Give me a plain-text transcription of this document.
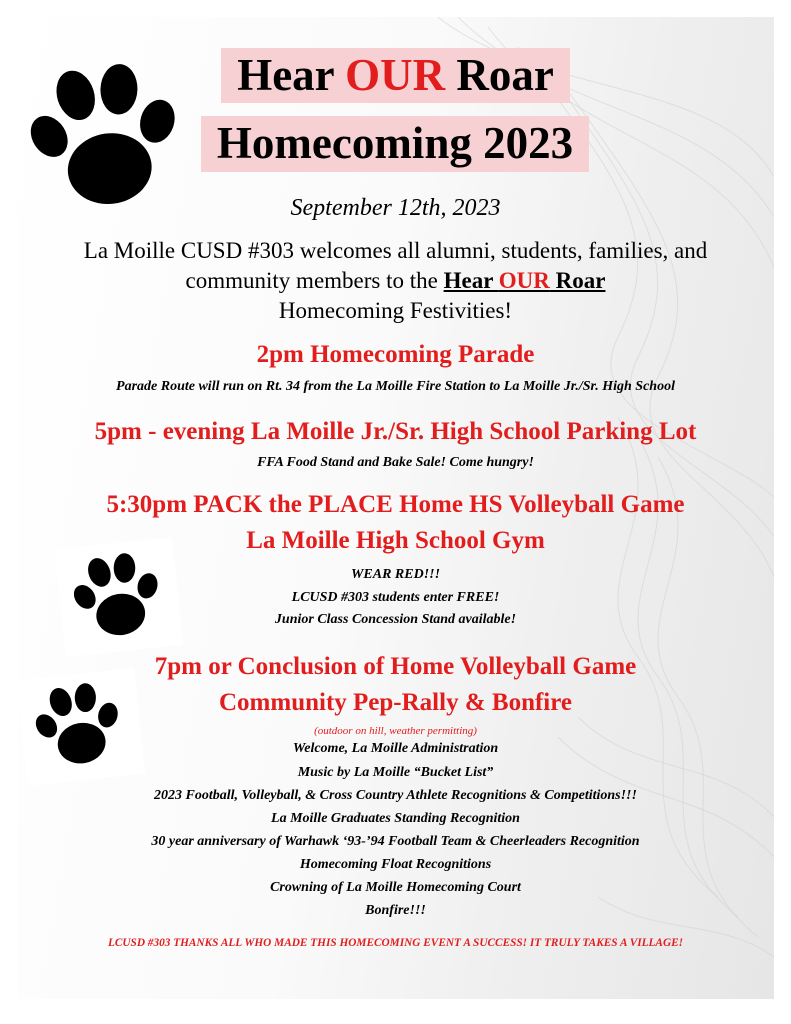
Hear OUR Roar
Homecoming 2023
September 12th, 2023
La Moille CUSD #303 welcomes all alumni, students, families, and
community members to the Hear OUR Roar
Homecoming Festivities!
2pm Homecoming Parade
Parade Route will run on Rt. 34 from the La Moille Fire Station to La Moille Jr./Sr. High School
5pm - evening La Moille Jr./Sr. High School Parking Lot
FFA Food Stand and Bake Sale! Come hungry!
5:30pm PACK the PLACE Home HS Volleyball Game
La Moille High School Gym
WEAR RED!!!
LCUSD #303 students enter FREE!
Junior Class Concession Stand available!
7pm or Conclusion of Home Volleyball Game
Community Pep-Rally & Bonfire
(outdoor on hill, weather permitting)
Welcome, La Moille Administration
Music by La Moille “Bucket List”
2023 Football, Volleyball, & Cross Country Athlete Recognitions & Competitions!!!
La Moille Graduates Standing Recognition
30 year anniversary of Warhawk ‘93-’94 Football Team & Cheerleaders Recognition
Homecoming Float Recognitions
Crowning of La Moille Homecoming Court
Bonfire!!!
LCUSD #303 THANKS ALL WHO MADE THIS HOMECOMING EVENT A SUCCESS! IT TRULY TAKES A VILLAGE!
